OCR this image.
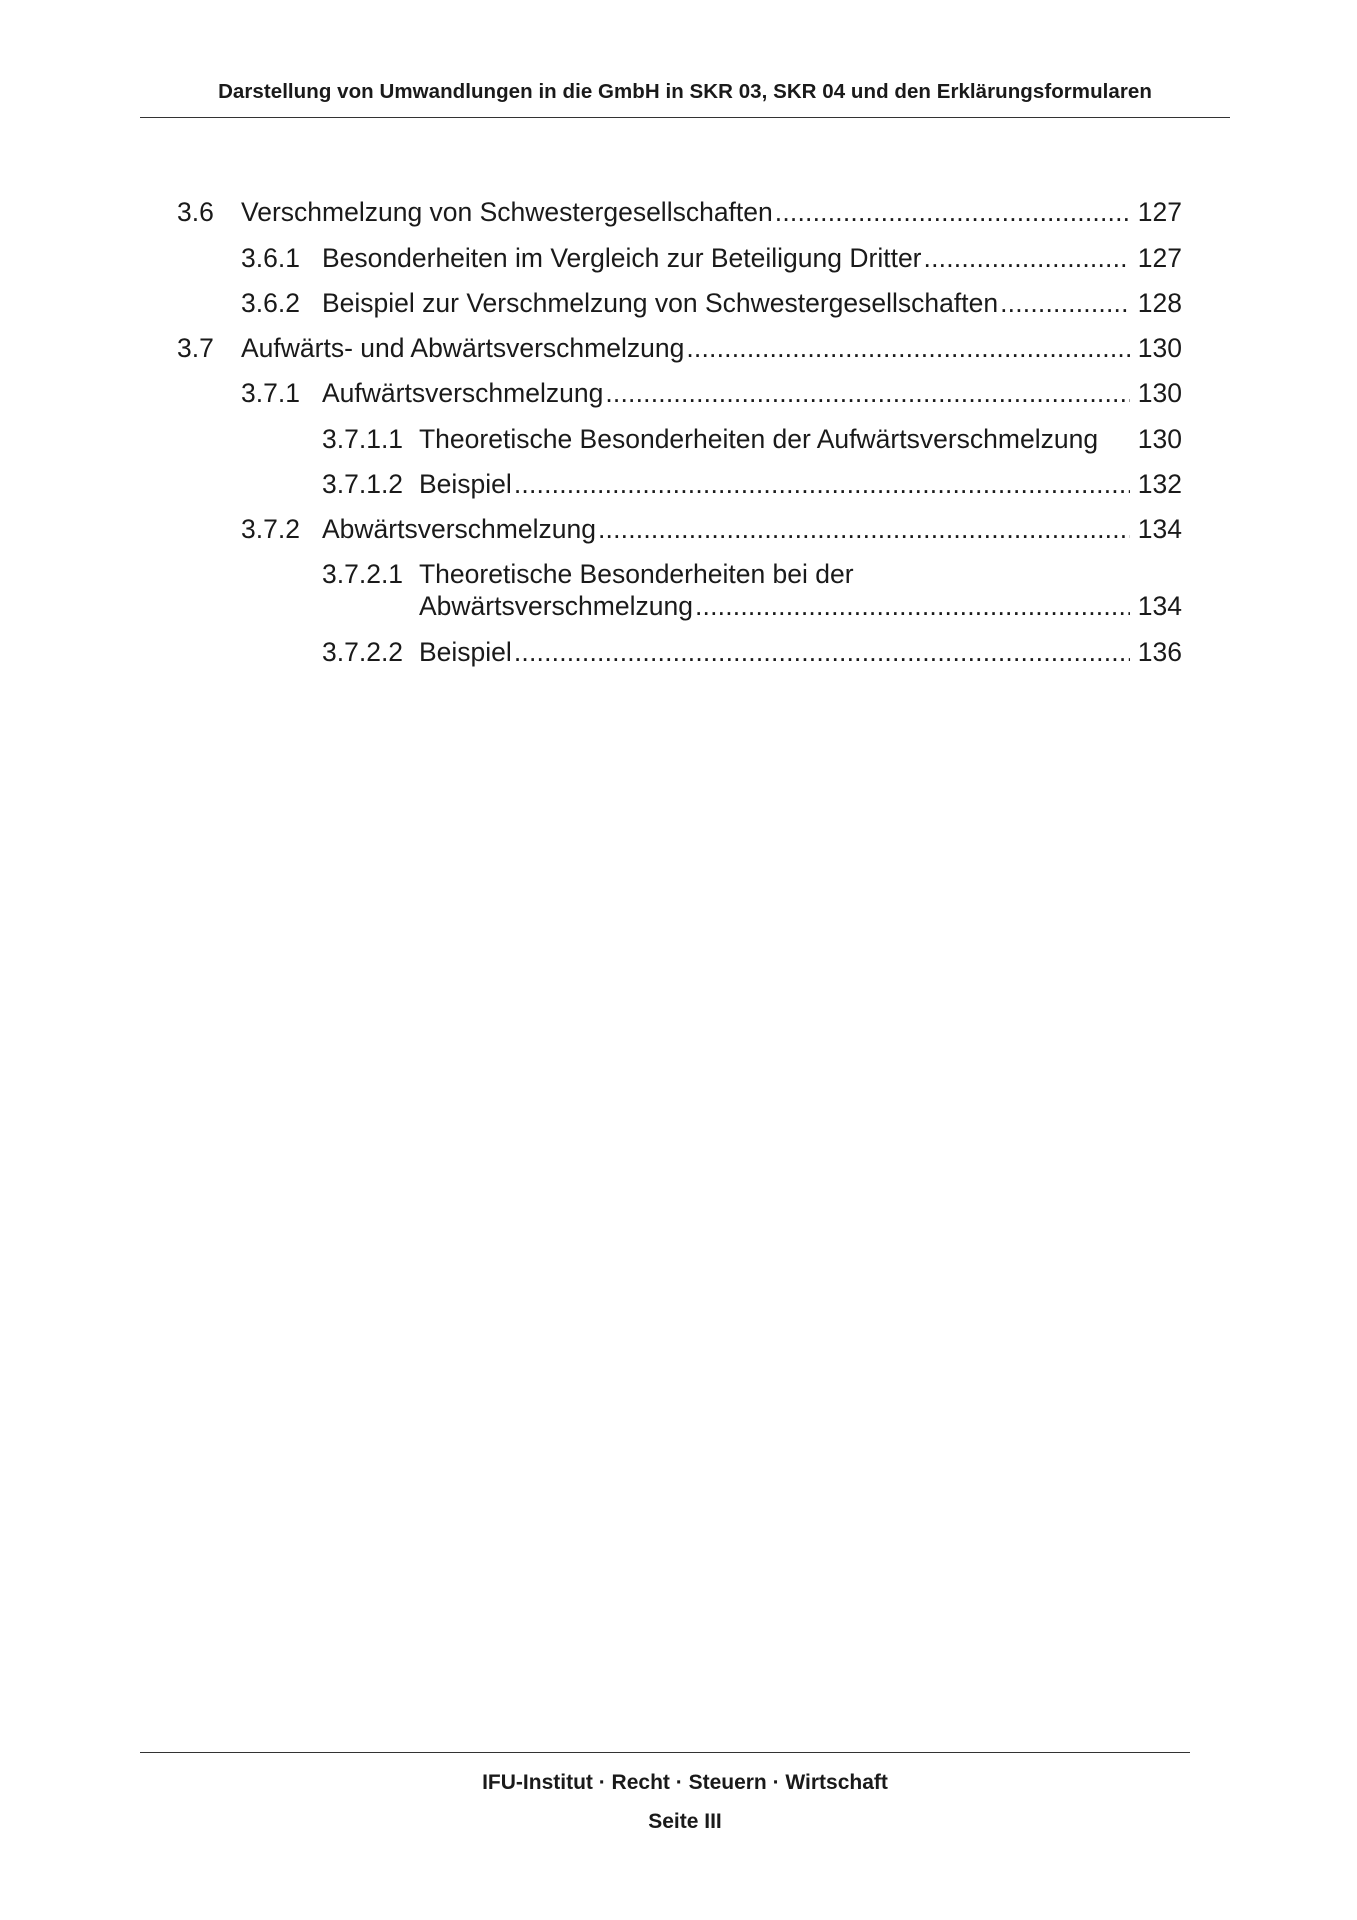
Darstellung von Umwandlungen in die GmbH in SKR 03, SKR 04 und den Erklärungsformularen
3.6 Verschmelzung von Schwestergesellschaften .....	127
3.6.1 Besonderheiten im Vergleich zur Beteiligung Dritter .....	127
3.6.2 Beispiel zur Verschmelzung von Schwestergesellschaften .....	128
3.7 Aufwärts- und Abwärtsverschmelzung .....	130
3.7.1 Aufwärtsverschmelzung .....	130
3.7.1.1 Theoretische Besonderheiten der Aufwärtsverschmelzung 130
3.7.1.2 Beispiel .....	132
3.7.2 Abwärtsverschmelzung .....	134
3.7.2.1 Theoretische Besonderheiten bei der
Abwärtsverschmelzung .....	134
3.7.2.2 Beispiel .....	136
IFU-Institut · Recht · Steuern · Wirtschaft
Seite III
